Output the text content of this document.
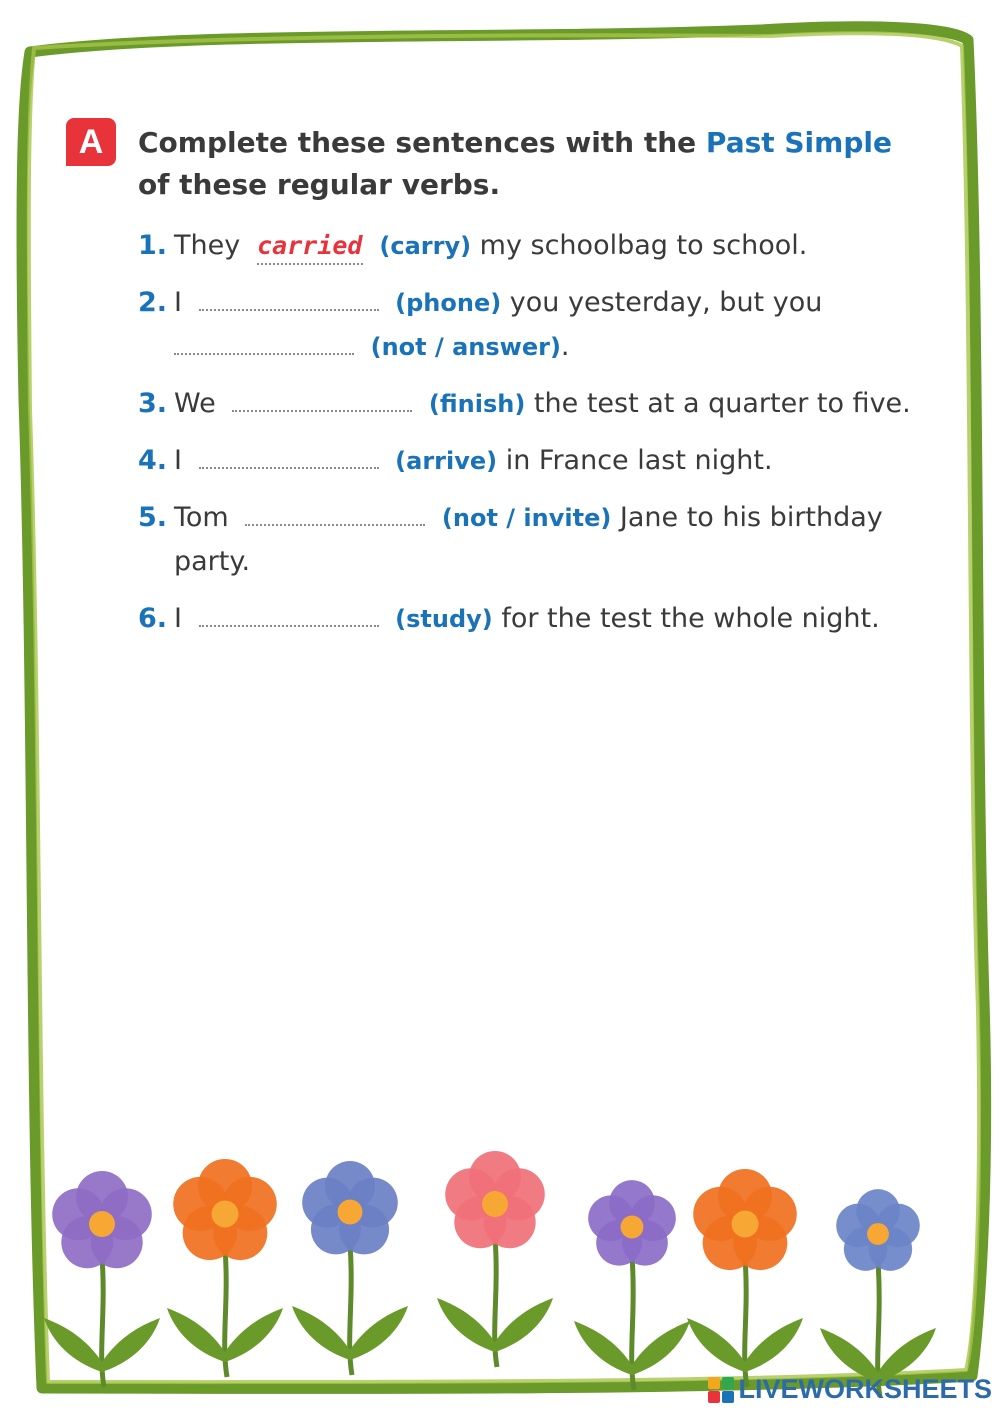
A	Complete these sentences with the Past Simple of these regular verbs.
1. They carried (carry) my schoolbag to school.
2. I	(phone) you yesterday, but you
(not / answer).
3. We	(finish) the test at a quarter to five.
4. I	(arrive) in France last night.
5. Tom	(not / invite) Jane to his birthday party.
6. I	(study) for the test the whole night.
LIVEWORKSHEETS
